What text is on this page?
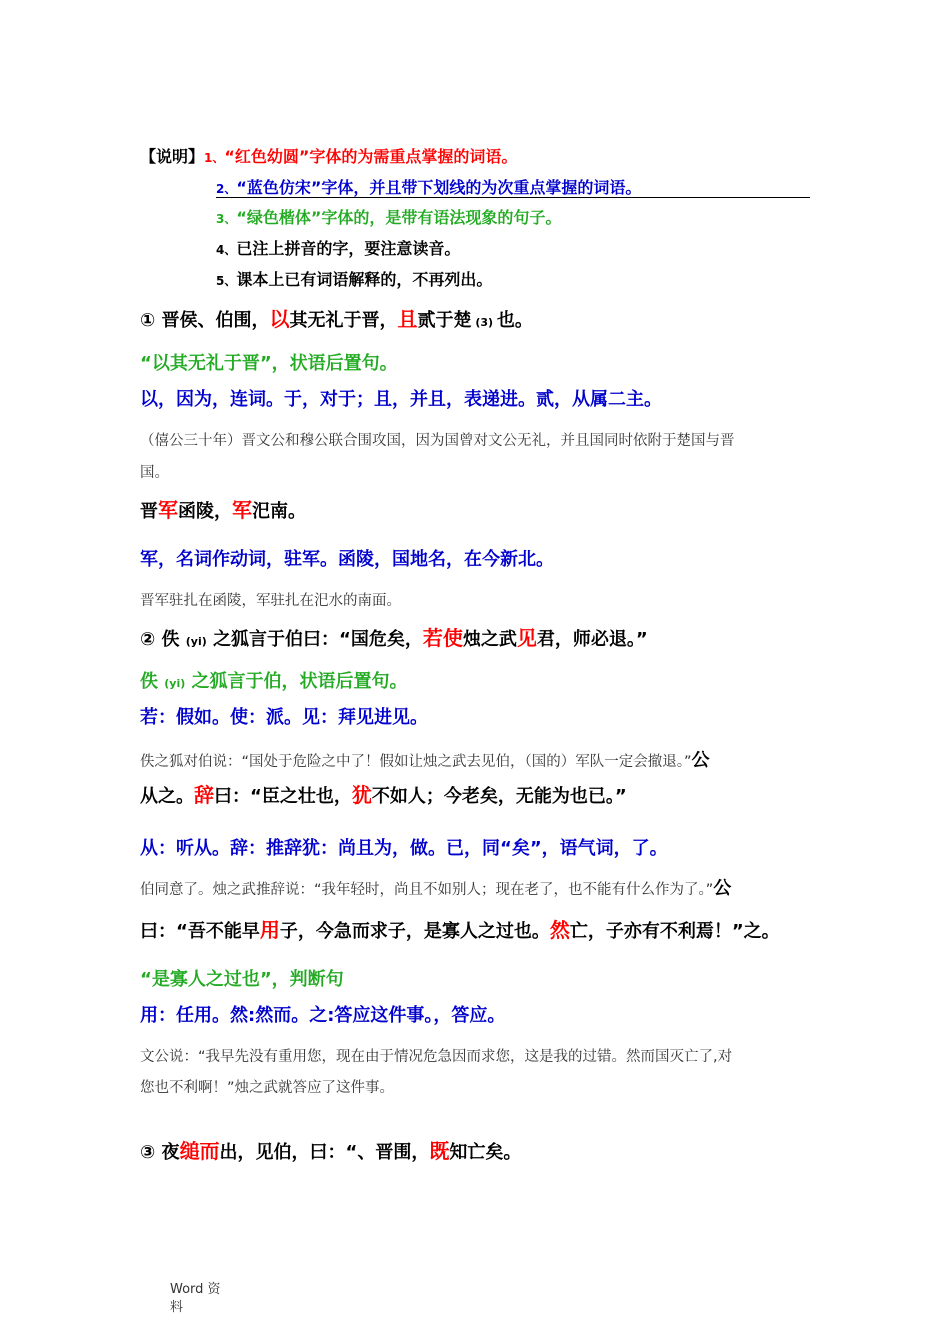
【说明】1、“红色幼圆”字体的为需重点掌握的词语。
2、“蓝色仿宋”字体，并且带下划线的为次重点掌握的词语。
3、“绿色楷体”字体的，是带有语法现象的句子。
4、已注上拼音的字，要注意读音。
5、课本上已有词语解释的，不再列出。
① 晋侯、伯围，以其无礼于晋，且贰于楚 (3) 也。
“以其无礼于晋”，状语后置句。
以，因为，连词。于，对于；且，并且，表递进。贰，从属二主。
（僖公三十年）晋文公和穆公联合围攻国，因为国曾对文公无礼，并且国同时依附于楚国与晋
国。
晋军函陵，军汜南。
军，名词作动词，驻军。函陵，国地名，在今新北。
晋军驻扎在函陵，军驻扎在汜水的南面。
② 佚 (yi) 之狐言于伯曰：“国危矣，若使烛之武见君，师必退。”
佚 (yi) 之狐言于伯，状语后置句。
若：假如。使：派。见：拜见进见。
佚之狐对伯说：“国处于危险之中了！假如让烛之武去见伯，（国的）军队一定会撤退。”公
从之。辞曰：“臣之壮也，犹不如人；今老矣，无能为也已。”
从：听从。辞：推辞犹：尚且为，做。已，同“矣”，语气词，了。
伯同意了。烛之武推辞说：“我年轻时，尚且不如别人；现在老了，也不能有什么作为了。”公
曰：“吾不能早用子，今急而求子，是寡人之过也。然亡，子亦有不利焉！”之。
“是寡人之过也”，判断句
用：任用。然:然而。之:答应这件事。，答应。
文公说：“我早先没有重用您，现在由于情况危急因而求您，这是我的过错。然而国灭亡了,对
您也不利啊！”烛之武就答应了这件事。
③ 夜缒而出，见伯，曰：“、晋围，既知亡矣。
Word 资
料
